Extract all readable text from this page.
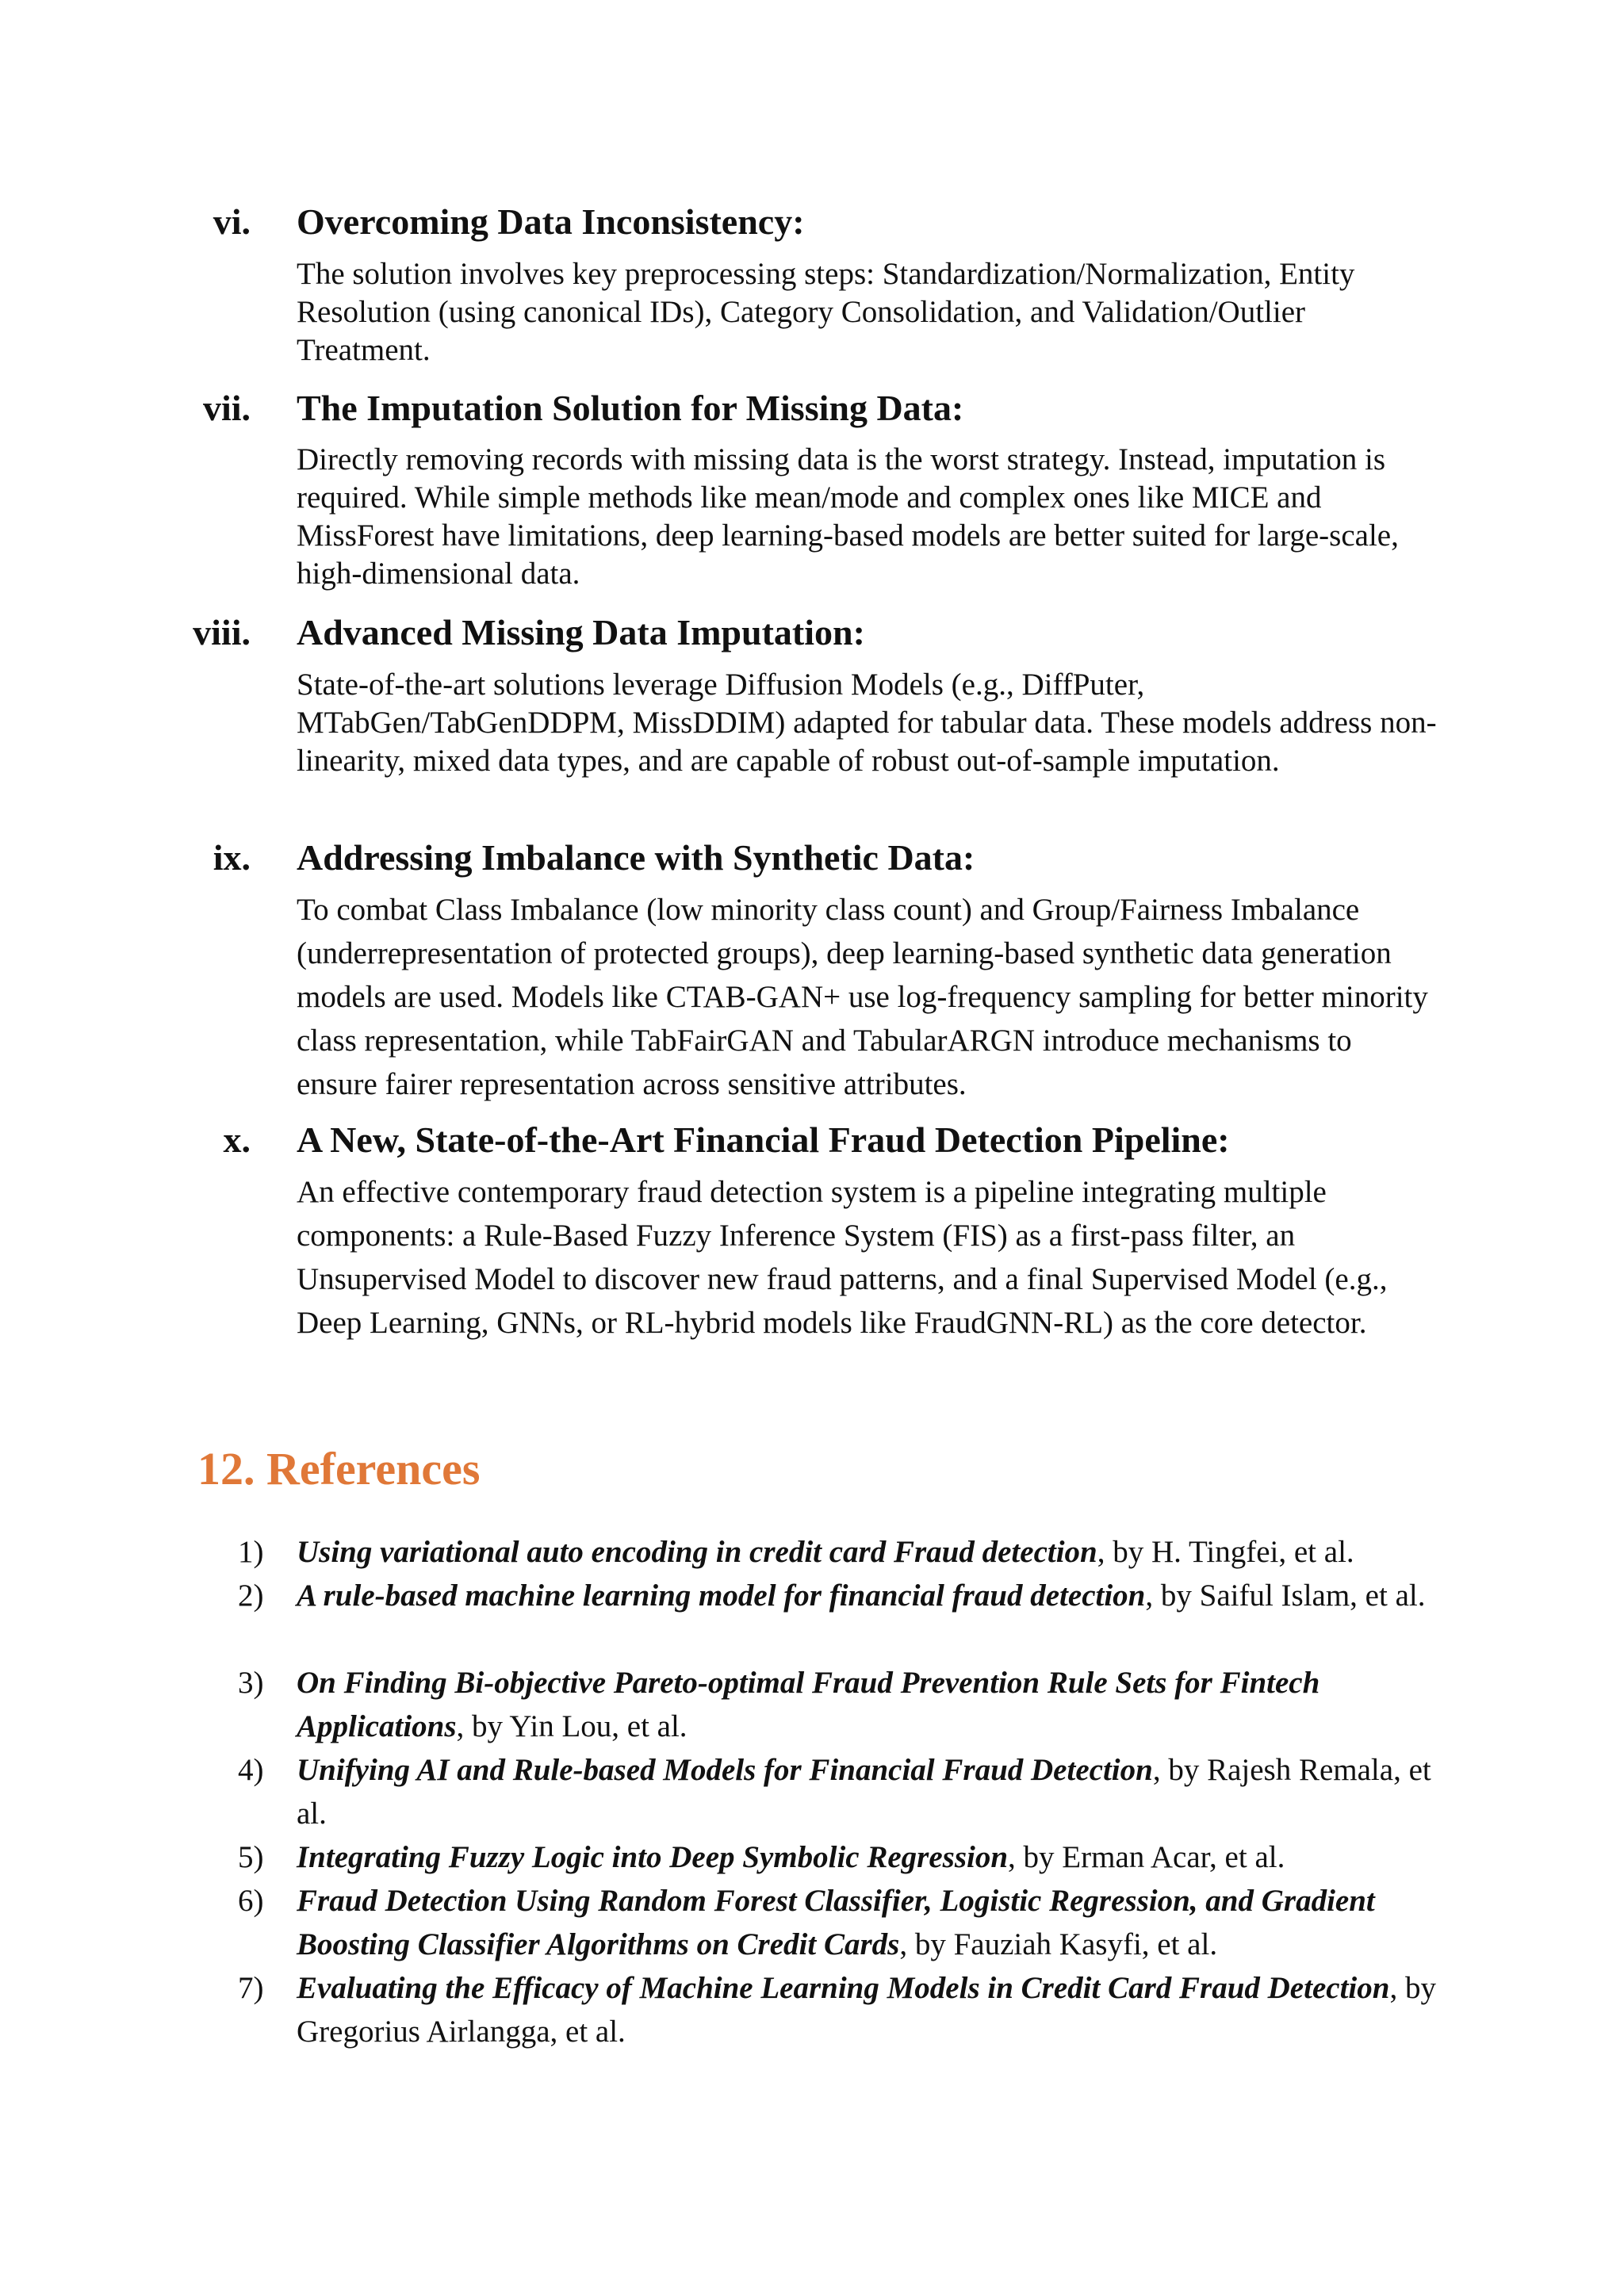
vi. Overcoming Data Inconsistency:
The solution involves key preprocessing steps: Standardization/Normalization, Entity Resolution (using canonical IDs), Category Consolidation, and Validation/Outlier Treatment.
vii. The Imputation Solution for Missing Data:
Directly removing records with missing data is the worst strategy. Instead, imputation is required. While simple methods like mean/mode and complex ones like MICE and MissForest have limitations, deep learning-based models are better suited for large-scale, high-dimensional data.
viii. Advanced Missing Data Imputation:
State-of-the-art solutions leverage Diffusion Models (e.g., DiffPuter, MTabGen/TabGenDDPM, MissDDIM) adapted for tabular data. These models address non-linearity, mixed data types, and are capable of robust out-of-sample imputation.
ix. Addressing Imbalance with Synthetic Data:
To combat Class Imbalance (low minority class count) and Group/Fairness Imbalance (underrepresentation of protected groups), deep learning-based synthetic data generation models are used. Models like CTAB-GAN+ use log-frequency sampling for better minority class representation, while TabFairGAN and TabularARGN introduce mechanisms to ensure fairer representation across sensitive attributes.
x. A New, State-of-the-Art Financial Fraud Detection Pipeline:
An effective contemporary fraud detection system is a pipeline integrating multiple components: a Rule-Based Fuzzy Inference System (FIS) as a first-pass filter, an Unsupervised Model to discover new fraud patterns, and a final Supervised Model (e.g., Deep Learning, GNNs, or RL-hybrid models like FraudGNN-RL) as the core detector.
12. References
1)	Using variational auto encoding in credit card Fraud detection, by H. Tingfei, et al.
2)	A rule-based machine learning model for financial fraud detection, by Saiful Islam, et al.
3)	On Finding Bi-objective Pareto-optimal Fraud Prevention Rule Sets for Fintech Applications, by Yin Lou, et al.
4)	Unifying AI and Rule-based Models for Financial Fraud Detection, by Rajesh Remala, et al.
5)	Integrating Fuzzy Logic into Deep Symbolic Regression, by Erman Acar, et al.
6)	Fraud Detection Using Random Forest Classifier, Logistic Regression, and Gradient Boosting Classifier Algorithms on Credit Cards, by Fauziah Kasyfi, et al.
7)	Evaluating the Efficacy of Machine Learning Models in Credit Card Fraud Detection, by Gregorius Airlangga, et al.
